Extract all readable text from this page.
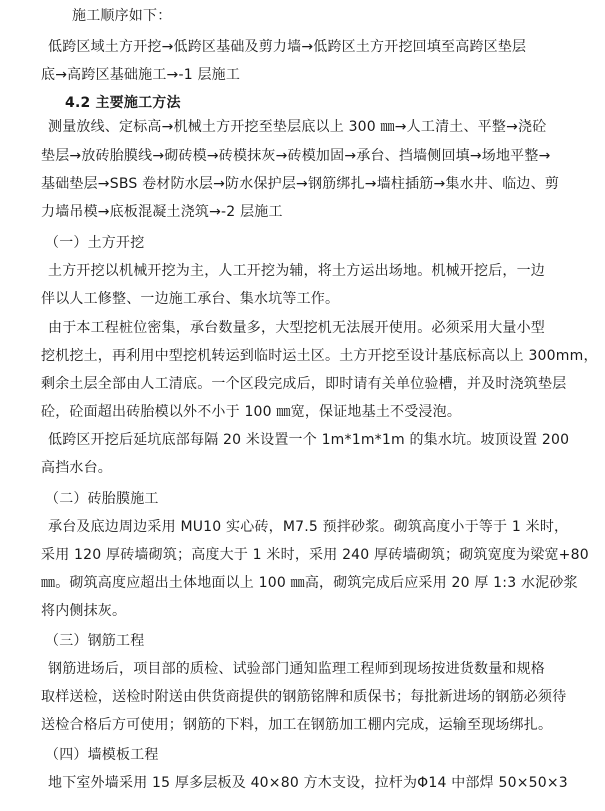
施工顺序如下：
低跨区域土方开挖→低跨区基础及剪力墙→低跨区土方开挖回填至高跨区垫层
底→高跨区基础施工→-1 层施工
4.2 主要施工方法
测量放线、定标高→机械土方开挖至垫层底以上 300 ㎜→人工清土、平整→浇砼
垫层→放砖胎膜线→砌砖模→砖模抹灰→砖模加固→承台、挡墙侧回填→场地平整→
基础垫层→SBS 卷材防水层→防水保护层→钢筋绑扎→墙柱插筋→集水井、临边、剪
力墙吊模→底板混凝土浇筑→-2 层施工
（一）土方开挖
土方开挖以机械开挖为主，人工开挖为辅，将土方运出场地。机械开挖后，一边
伴以人工修整、一边施工承台、集水坑等工作。
由于本工程桩位密集，承台数量多，大型挖机无法展开使用。必须采用大量小型
挖机挖土，再利用中型挖机转运到临时运土区。土方开挖至设计基底标高以上 300mm，
剩余土层全部由人工清底。一个区段完成后，即时请有关单位验槽，并及时浇筑垫层
砼，砼面超出砖胎模以外不小于 100 ㎜宽，保证地基土不受浸泡。
低跨区开挖后延坑底部每隔 20 米设置一个 1m*1m*1m 的集水坑。坡顶设置 200
高挡水台。
（二）砖胎膜施工
承台及底边周边采用 MU10 实心砖，M7.5 预拌砂浆。砌筑高度小于等于 1 米时，
采用 120 厚砖墙砌筑；高度大于 1 米时，采用 240 厚砖墙砌筑；砌筑宽度为梁宽+80
㎜。砌筑高度应超出土体地面以上 100 ㎜高，砌筑完成后应采用 20 厚 1:3 水泥砂浆
将内侧抹灰。
（三）钢筋工程
钢筋进场后，项目部的质检、试验部门通知监理工程师到现场按进货数量和规格
取样送检，送检时附送由供货商提供的钢筋铭牌和质保书；每批新进场的钢筋必须待
送检合格后方可使用；钢筋的下料，加工在钢筋加工棚内完成，运输至现场绑扎。
（四）墙模板工程
地下室外墙采用 15 厚多层板及 40×80 方木支设，拉杆为Φ14 中部焊 50×50×3
